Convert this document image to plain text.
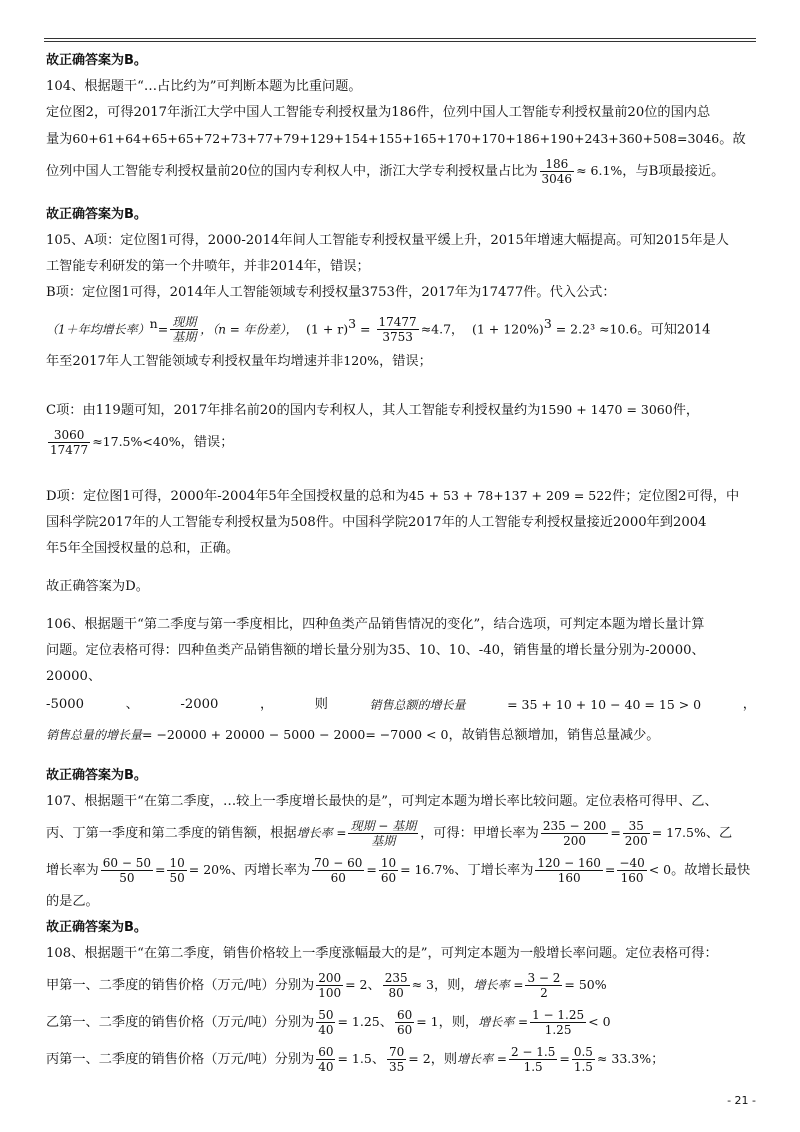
故正确答案为B。

104、根据题干“…占比约为”可判断本题为比重问题。

定位图2，可得2017年浙江大学中国人工智能专利授权量为186件，位列中国人工智能专利授权量前20位的国内总

量为60+61+64+65+65+72+73+77+79+129+154+155+165+170+170+186+190+243+360+508=3046。故

位列中国人工智能专利授权量前20位的国内专利权人中，浙江大学专利授权量占比为 $\frac{186}{3046} \approx 6.1\%$，与B项最接近。

故正确答案为B。

105、A项：定位图1可得，2000-2014年间人工智能专利授权量平缓上升，2015年增速大幅提高。可知2015年是人

工智能专利研发的第一个井喷年，并非2014年，错误；

B项：定位图1可得，2014年人工智能领域专利授权量3753件，2017年为17477件。代入公式：

（1＋年均增长率）$^n$= 现期
基期
，（n = 年份差）， $(1 + r)^3 = \frac{17477}{3753} \approx 4.7$， $(1 + 120\%)^3 = 2.2^3 \approx 10.6$。可知2014

年至2017年人工智能领域专利授权量年均增速并非120%，错误；

C项：由119题可知，2017年排名前20的国内专利权人，其人工智能专利授权量约为1590 + 1470 = 3060件，

$\frac{3060}{17477} \approx 17.5\%<40\%$，错误；

D项：定位图1可得，2000年-2004年5年全国授权量的总和为45 + 53 + 78+137 + 209 = 522件；定位图2可得，中

国科学院2017年的人工智能专利授权量为508件。中国科学院2017年的人工智能专利授权量接近2000年到2004

年5年全国授权量的总和，正确。

故正确答案为D。

106、根据题干“第二季度与第一季度相比，四种鱼类产品销售情况的变化”，结合选项，可判定本题为增长量计算

问题。定位表格可得：四种鱼类产品销售额的增长量分别为35、10、10、-40，销售量的增长量分别为-20000、20000、

-5000	、	-2000	，	则	销售总额的增长量	= 35 + 10 + 10 − 40 = 15 > 0	，

销售总量的增长量= −20000 + 20000 − 5000 − 2000= −7000 < 0，故销售总额增加，销售总量减少。

故正确答案为B。

107、根据题干“在第二季度，…较上一季度增长最快的是”，可判定本题为增长率比较问题。定位表格可得甲、乙、

丙、丁第一季度和第二季度的销售额，根据增长率 = 现期 − 基期
基期	，可得：甲增长率为 $\frac{235 - 200}{200} = \frac{35}{200} = 17.5\%$、乙

增长率为 $\frac{60 - 50}{50} = \frac{10}{50} = 20\%$、丙增长率为 $\frac{70 - 60}{60} = \frac{10}{60} = 16.7\%$、丁增长率为 $\frac{120 - 160}{160} = \frac{-40}{160} < 0$。故增长最快

的是乙。

故正确答案为B。

108、根据题干“在第二季度，销售价格较上一季度涨幅最大的是”，可判定本题为一般增长率问题。定位表格可得：

甲第一、二季度的销售价格（万元/吨）分别为 $\frac{200}{100} = 2$、 $\frac{235}{80} \approx 3$，则，增长率 = $\frac{3 - 2}{2} = 50\%$

乙第一、二季度的销售价格（万元/吨）分别为 $\frac{50}{40} = 1.25$、 $\frac{60}{60} = 1$，则，增长率 = $\frac{1 - 1.25}{1.25} < 0$

丙第一、二季度的销售价格（万元/吨）分别为 $\frac{60}{40} = 1.5$、 $\frac{70}{35} = 2$，则增长率 = $\frac{2 - 1.5}{1.5} = \frac{0.5}{1.5} \approx 33.3\%$；

- 21 -
